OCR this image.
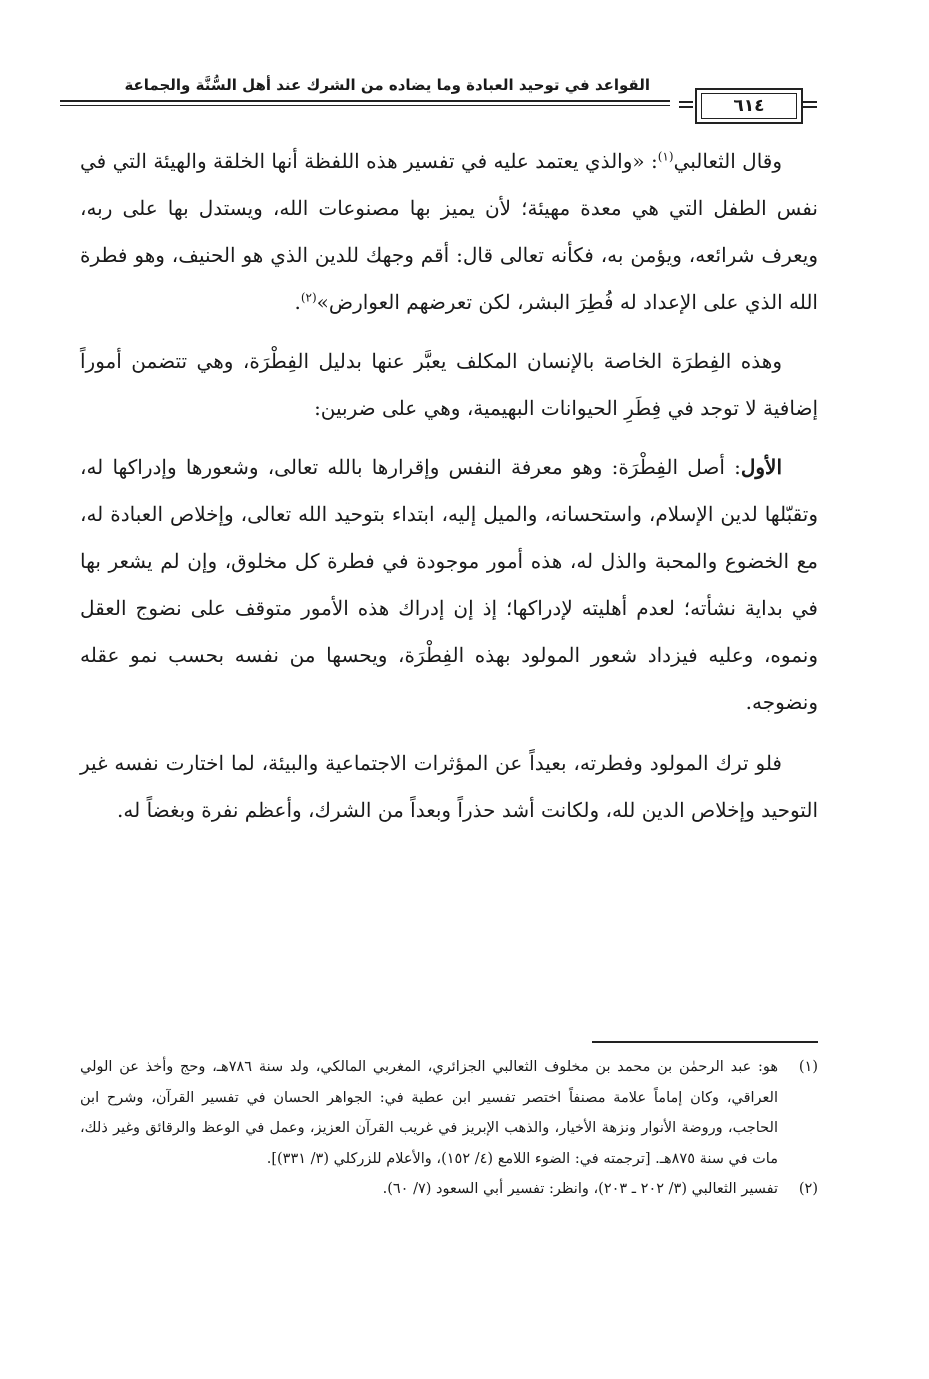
القواعد في توحيد العبادة وما يضاده من الشرك عند أهل السُّنَّة والجماعة
٦١٤

وقال الثعالبي$^{(١)}$: «والذي يعتمد عليه في تفسير هذه اللفظة أنها الخلقة والهيئة التي في نفس الطفل التي هي معدة مهيئة؛ لأن يميز بها مصنوعات الله، ويستدل بها على ربه، ويعرف شرائعه، ويؤمن به، فكأنه تعالى قال: أقم وجهك للدين الذي هو الحنيف، وهو فطرة الله الذي على الإعداد له فُطِرَ البشر، لكن تعرضهم العوارض»$^{(٢)}$.

وهذه الفِطرَة الخاصة بالإنسان المكلف يعبَّر عنها بدليل الفِطْرَة، وهي تتضمن أموراً إضافية لا توجد في فِطَرِ الحيوانات البهيمية، وهي على ضربين:

الأول: أصل الفِطْرَة: وهو معرفة النفس وإقرارها بالله تعالى، وشعورها وإدراكها له، وتقبّلها لدين الإسلام، واستحسانه، والميل إليه، ابتداء بتوحيد الله تعالى، وإخلاص العبادة له، مع الخضوع والمحبة والذل له، هذه أمور موجودة في فطرة كل مخلوق، وإن لم يشعر بها في بداية نشأته؛ لعدم أهليته لإدراكها؛ إذ إن إدراك هذه الأمور متوقف على نضوج العقل ونموه، وعليه فيزداد شعور المولود بهذه الفِطْرَة، ويحسها من نفسه بحسب نمو عقله ونضوجه.

فلو ترك المولود وفطرته، بعيداً عن المؤثرات الاجتماعية والبيئة، لما اختارت نفسه غير التوحيد وإخلاص الدين لله، ولكانت أشد حذراً وبعداً من الشرك، وأعظم نفرة وبغضاً له.

(١)
هو: عبد الرحمٰن بن محمد بن مخلوف الثعالبي الجزائري، المغربي المالكي، ولد سنة ٧٨٦هـ، وحج وأخذ عن الولي العراقي، وكان إماماً علامة مصنفاً اختصر تفسير ابن عطية في: الجواهر الحسان في تفسير القرآن، وشرح ابن الحاجب، وروضة الأنوار ونزهة الأخيار، والذهب الإبريز في غريب القرآن العزيز، وعمل في الوعظ والرقائق وغير ذلك، مات في سنة ٨٧٥هـ. [ترجمته في: الضوء اللامع (٤/ ١٥٢)، والأعلام للزركلي (٣/ ٣٣١)].
(٢)
تفسير الثعالبي (٣/ ٢٠٢ ـ ٢٠٣)، وانظر: تفسير أبي السعود (٧/ ٦٠).
